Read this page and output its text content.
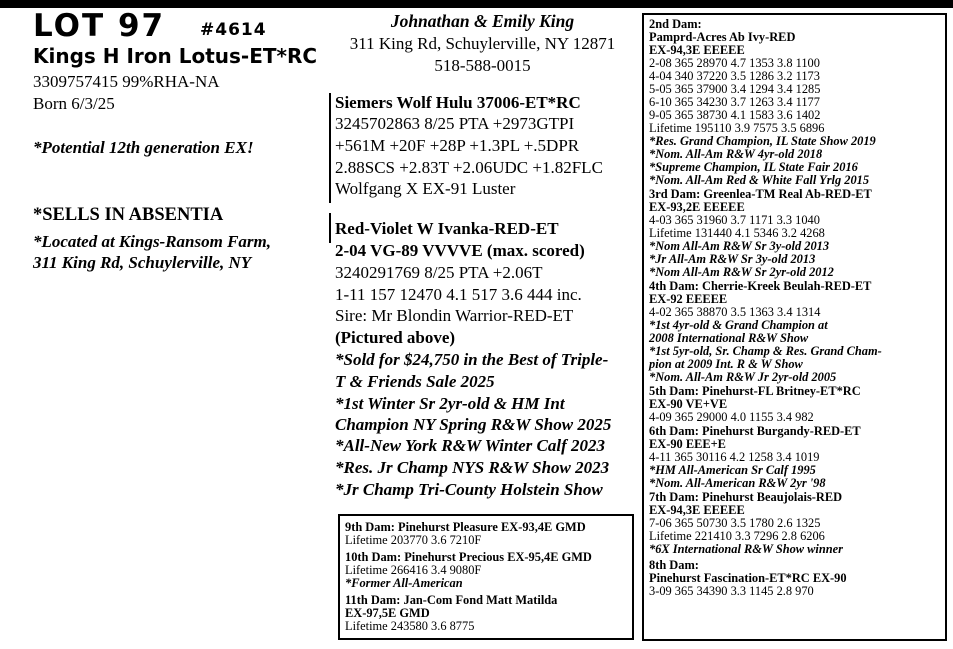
LOT 97 #4614
Kings H Iron Lotus-ET*RC
3309757415 99%RHA-NA
Born 6/3/25
*Potential 12th generation EX!
*SELLS IN ABSENTIA
*Located at Kings-Ransom Farm,
311 King Rd, Schuylerville, NY
Johnathan & Emily King
311 King Rd, Schuylerville, NY 12871
518-588-0015
Siemers Wolf Hulu 37006-ET*RC
3245702863 8/25 PTA +2973GTPI
+561M +20F +28P +1.3PL +.5DPR
2.88SCS +2.83T +2.06UDC +1.82FLC
Wolfgang X EX-91 Luster
Red-Violet W Ivanka-RED-ET
2-04 VG-89 VVVVE (max. scored)
3240291769 8/25 PTA +2.06T
1-11 157 12470 4.1 517 3.6 444 inc.
Sire: Mr Blondin Warrior-RED-ET
(Pictured above)
*Sold for $24,750 in the Best of Triple-
T & Friends Sale 2025
*1st Winter Sr 2yr-old & HM Int
Champion NY Spring R&W Show 2025
*All-New York R&W Winter Calf 2023
*Res. Jr Champ NYS R&W Show 2023
*Jr Champ Tri-County Holstein Show
9th Dam: Pinehurst Pleasure EX-93,4E GMD
Lifetime 203770 3.6 7210F
10th Dam: Pinehurst Precious EX-95,4E GMD
Lifetime 266416 3.4 9080F
*Former All-American
11th Dam: Jan-Com Fond Matt Matilda
EX-97,5E GMD
Lifetime 243580 3.6 8775
2nd Dam:
Pamprd-Acres Ab Ivy-RED
EX-94,3E EEEEE
2-08 365 28970 4.7 1353 3.8 1100
4-04 340 37220 3.5 1286 3.2 1173
5-05 365 37900 3.4 1294 3.4 1285
6-10 365 34230 3.7 1263 3.4 1177
9-05 365 38730 4.1 1583 3.6 1402
Lifetime 195110 3.9 7575 3.5 6896
*Res. Grand Champion, IL State Show 2019
*Nom. All-Am R&W 4yr-old 2018
*Supreme Champion, IL State Fair 2016
*Nom. All-Am Red & White Fall Yrlg 2015
3rd Dam: Greenlea-TM Real Ab-RED-ET
EX-93,2E EEEEE
4-03 365 31960 3.7 1171 3.3 1040
Lifetime 131440 4.1 5346 3.2 4268
*Nom All-Am R&W Sr 3y-old 2013
*Jr All-Am R&W Sr 3y-old 2013
*Nom All-Am R&W Sr 2yr-old 2012
4th Dam: Cherrie-Kreek Beulah-RED-ET
EX-92 EEEEE
4-02 365 38870 3.5 1363 3.4 1314
*1st 4yr-old & Grand Champion at
2008 International R&W Show
*1st 5yr-old, Sr. Champ & Res. Grand Cham-
pion at 2009 Int. R & W Show
*Nom. All-Am R&W Jr 2yr-old 2005
5th Dam: Pinehurst-FL Britney-ET*RC
EX-90 VE+VE
4-09 365 29000 4.0 1155 3.4 982
6th Dam: Pinehurst Burgandy-RED-ET
EX-90 EEE+E
4-11 365 30116 4.2 1258 3.4 1019
*HM All-American Sr Calf 1995
*Nom. All-American R&W 2yr '98
7th Dam: Pinehurst Beaujolais-RED
EX-94,3E EEEEE
7-06 365 50730 3.5 1780 2.6 1325
Lifetime 221410 3.3 7296 2.8 6206
*6X International R&W Show winner
8th Dam:
Pinehurst Fascination-ET*RC EX-90
3-09 365 34390 3.3 1145 2.8 970
